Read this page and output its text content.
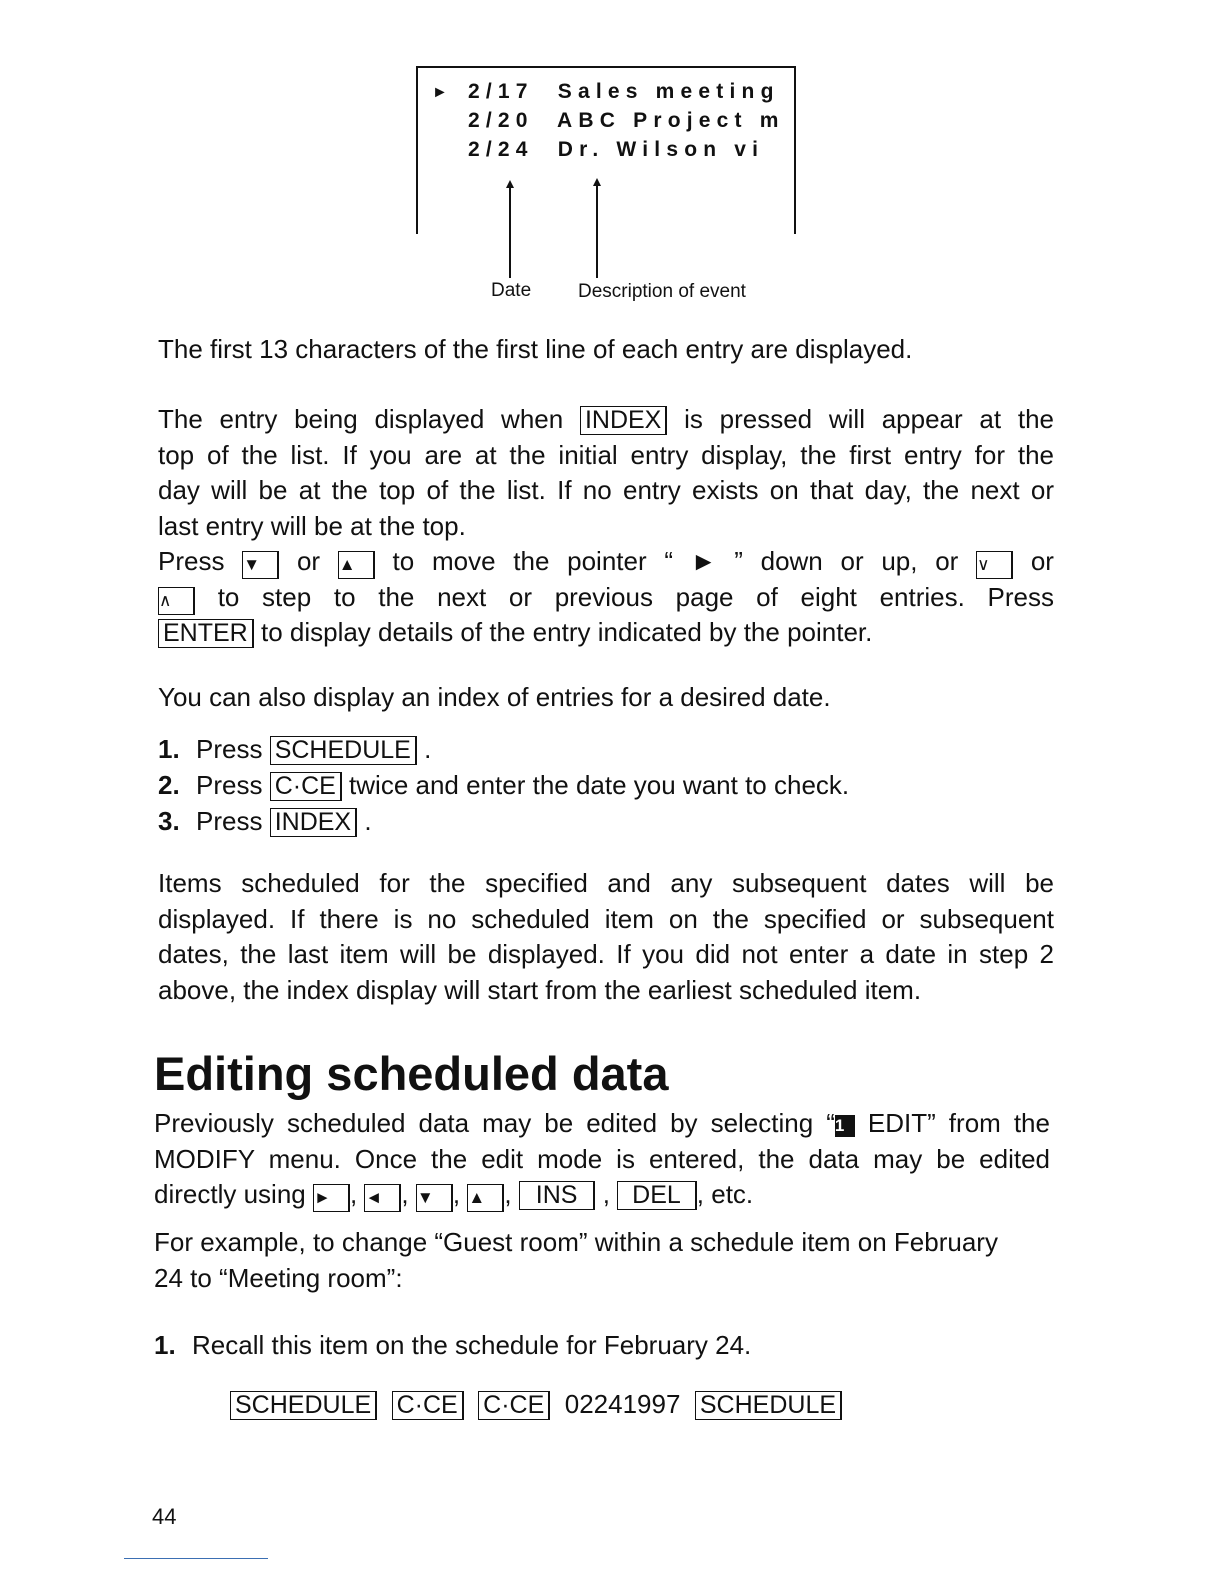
► 2/17 Sales meeting
2/20 ABC Project m
2/24 Dr. Wilson vi
Date Description of event
The first 13 characters of the first line of each entry are displayed.
The entry being displayed when INDEX is pressed will appear at the
top of the list. If you are at the initial entry display, the first entry for the
day will be at the top of the list. If no entry exists on that day, the next or
last entry will be at the top.
Press ▼ or ▲ to move the pointer “ ► ” down or up, or ∨ or
∧ to step to the next or previous page of eight entries. Press
ENTER to display details of the entry indicated by the pointer.
You can also display an index of entries for a desired date.
1. Press SCHEDULE .
2. Press C·CE twice and enter the date you want to check.
3. Press INDEX .
Items scheduled for the specified and any subsequent dates will be
displayed. If there is no scheduled item on the specified or subsequent
dates, the last item will be displayed. If you did not enter a date in step 2
above, the index display will start from the earliest scheduled item.
Editing scheduled data
Previously scheduled data may be edited by selecting “1 EDIT” from the
MODIFY menu. Once the edit mode is entered, the data may be edited
directly using ► , ◄ , ▼ , ▲ , INS , DEL , etc.
For example, to change “Guest room” within a schedule item on February
24 to “Meeting room”:
1. Recall this item on the schedule for February 24.
SCHEDULE C·CE C·CE 02241997 SCHEDULE
44
